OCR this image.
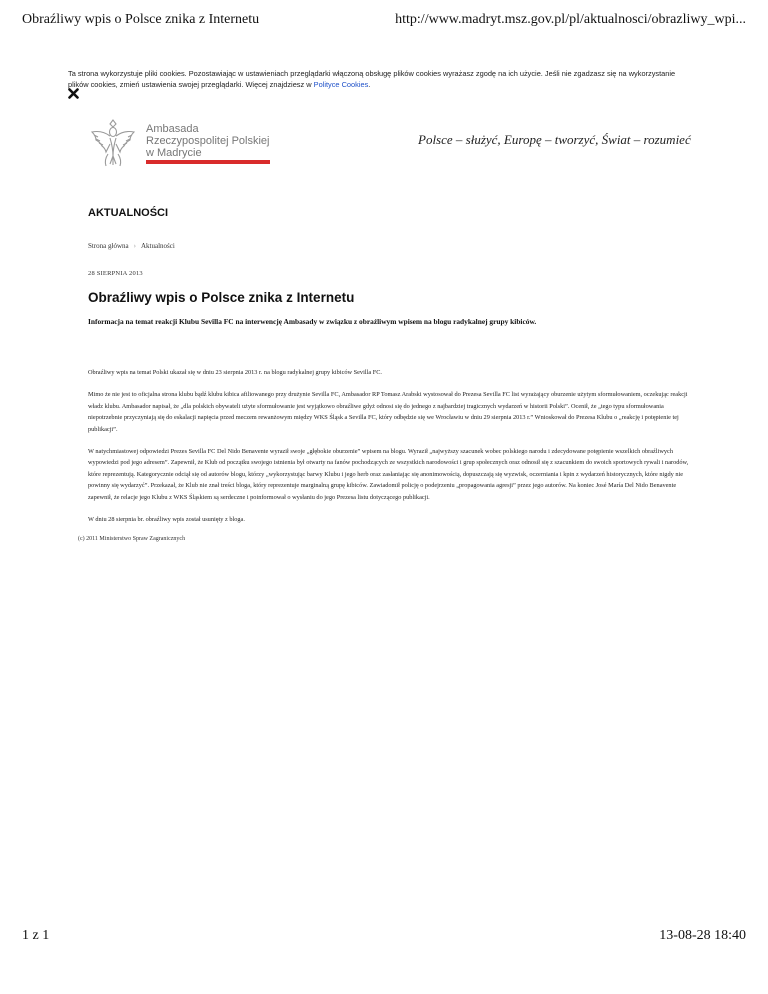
Obraźliwy wpis o Polsce znika z Internetu	http://www.madryt.msz.gov.pl/pl/aktualnosci/obrazliwy_wpi...
Ta strona wykorzystuje pliki cookies. Pozostawiając w ustawieniach przeglądarki włączoną obsługę plików cookies wyrażasz zgodę na ich użycie. Jeśli nie zgadzasz się na wykorzystanie plików cookies, zmień ustawienia swojej przeglądarki. Więcej znajdziesz w Polityce Cookies.
Ambasada
Rzeczypospolitej Polskiej
w Madrycie
Polsce – służyć, Europę – tworzyć, Świat – rozumieć
AKTUALNOŚCI
Strona główna › Aktualności
28 SIERPNIA 2013
Obraźliwy wpis o Polsce znika z Internetu
Informacja na temat reakcji Klubu Sevilla FC na interwencję Ambasady w związku z obraźliwym wpisem na blogu radykalnej grupy kibiców.

Obraźliwy wpis na temat Polski ukazał się w dniu 23 sierpnia 2013 r. na blogu radykalnej grupy kibiców Sevilla FC.

Mimo że nie jest to oficjalna strona klubu bądź klubu kibica afiliowanego przy drużynie Sevilla FC, Ambasador RP Tomasz Arabski wystosował do Prezesa Sevilla FC list wyrażający oburzenie użytym sformułowaniem, oczekując reakcji władz klubu. Ambasador napisał, że „dla polskich obywateli użyte sformułowanie jest wyjątkowo obraźliwe gdyż odnosi się do jednego z najbardziej tragicznych wydarzeń w historii Polski”. Ocenił, że „tego typu sformułowania niepotrzebnie przyczyniają się do eskalacji napięcia przed meczem rewanżowym między WKS Śląsk a Sevilla FC, który odbędzie się we Wrocławiu w dniu 29 sierpnia 2013 r.” Wnioskował do Prezesa Klubu o „reakcję i potępienie tej publikacji”.

W natychmiastowej odpowiedzi Prezes Sevilla FC Del Nido Benavente wyraził swoje „głębokie oburzenie” wpisem na blogu. Wyraził „najwyższy szacunek wobec polskiego narodu i zdecydowane potępienie wszelkich obraźliwych wypowiedzi pod jego adresem”. Zapewnił, że Klub od początku swojego istnienia był otwarty na fanów pochodzących ze wszystkich narodowości i grup społecznych oraz odnosił się z szacunkiem do swoich sportowych rywali i narodów, które reprezentują. Kategorycznie odciął się od autorów blogu, którzy „wykorzystując barwy Klubu i jego herb oraz zasłaniając się anonimowością, dopuszczają się wyzwisk, oczerniania i kpin z wydarzeń historycznych, które nigdy nie powinny się wydarzyć”. Przekazał, że Klub nie znał treści bloga, który reprezentuje marginalną grupę kibiców. Zawiadomił policję o podejrzeniu „propagowania agresji” przez jego autorów. Na koniec José María Del Nido Benavente zapewnił, że relacje jego Klubu z WKS Śląskiem są serdeczne i poinformował o wysłaniu do jego Prezesa listu dotyczącego publikacji.

W dniu 28 sierpnia br. obraźliwy wpis został usunięty z bloga.

(c) 2011 Ministerstwo Spraw Zagranicznych
1 z 1	13-08-28 18:40
